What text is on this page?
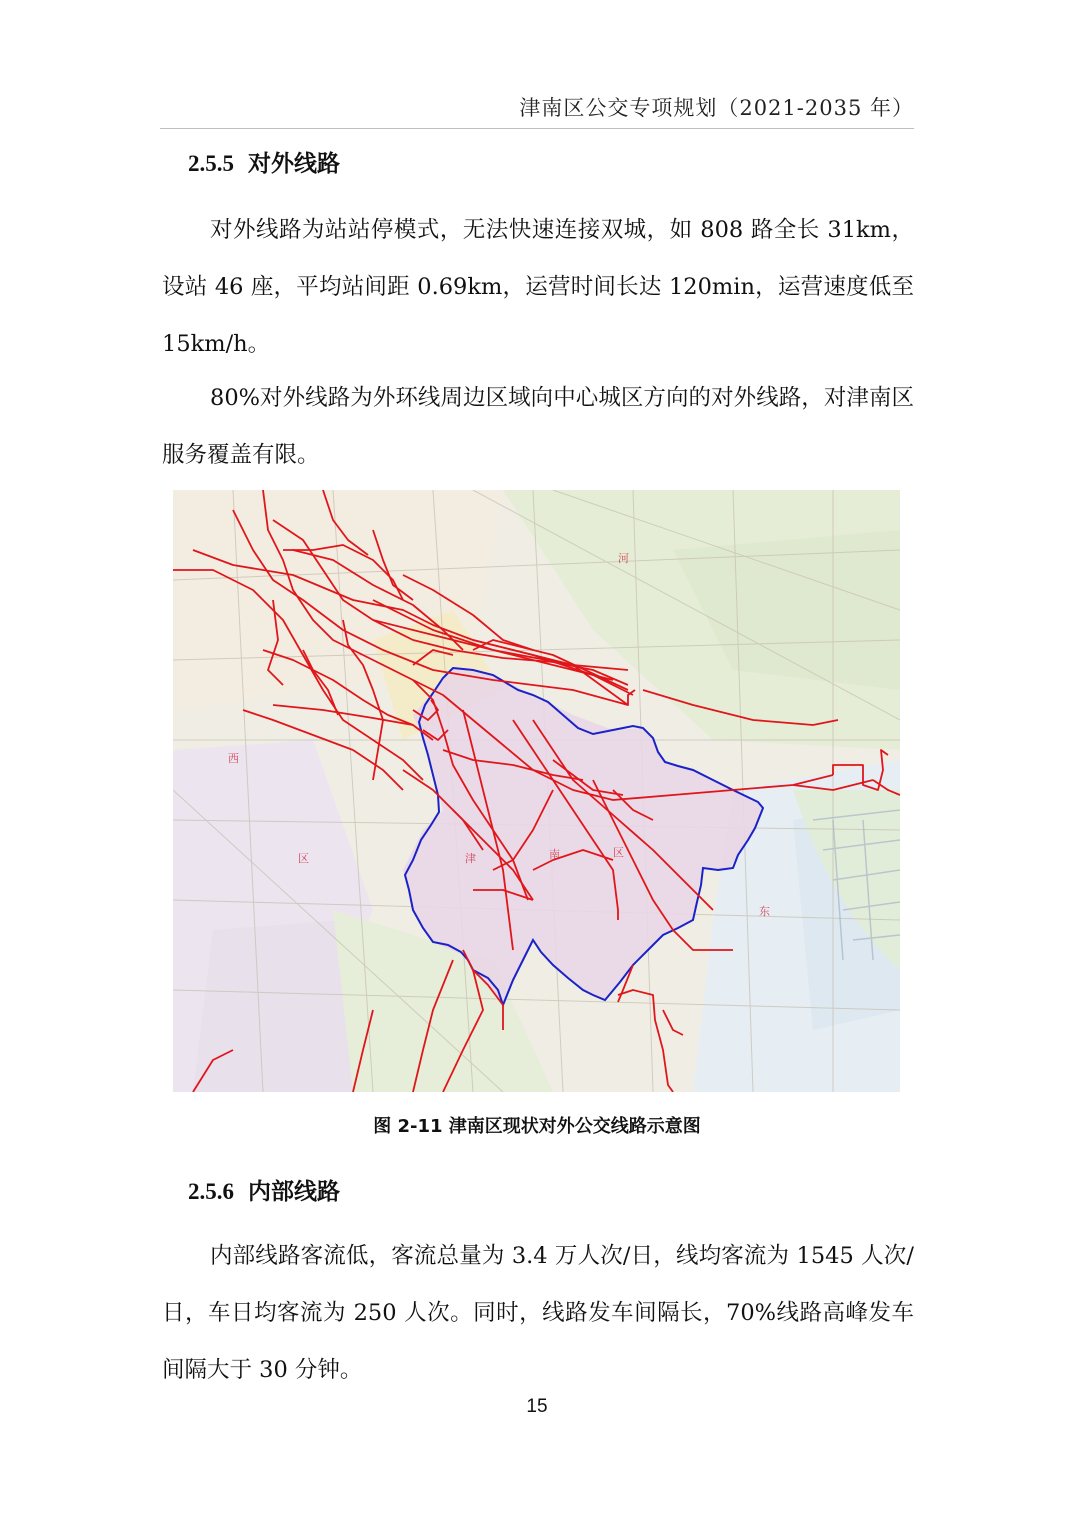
津南区公交专项规划（2021-2035 年）
2.5.5 对外线路

对外线路为站站停模式，无法快速连接双城，如 808 路全长 31km，设站 46 座，平均站间距 0.69km，运营时间长达 120min，运营速度低至 15km/h。

80%对外线路为外环线周边区域向中心城区方向的对外线路，对津南区服务覆盖有限。

津	南	区
河
东
西
区
图 2-11 津南区现状对外公交线路示意图
2.5.6 内部线路

内部线路客流低，客流总量为 3.4 万人次/日，线均客流为 1545 人次/日，车日均客流为 250 人次。同时，线路发车间隔长，70%线路高峰发车间隔大于 30 分钟。

15
